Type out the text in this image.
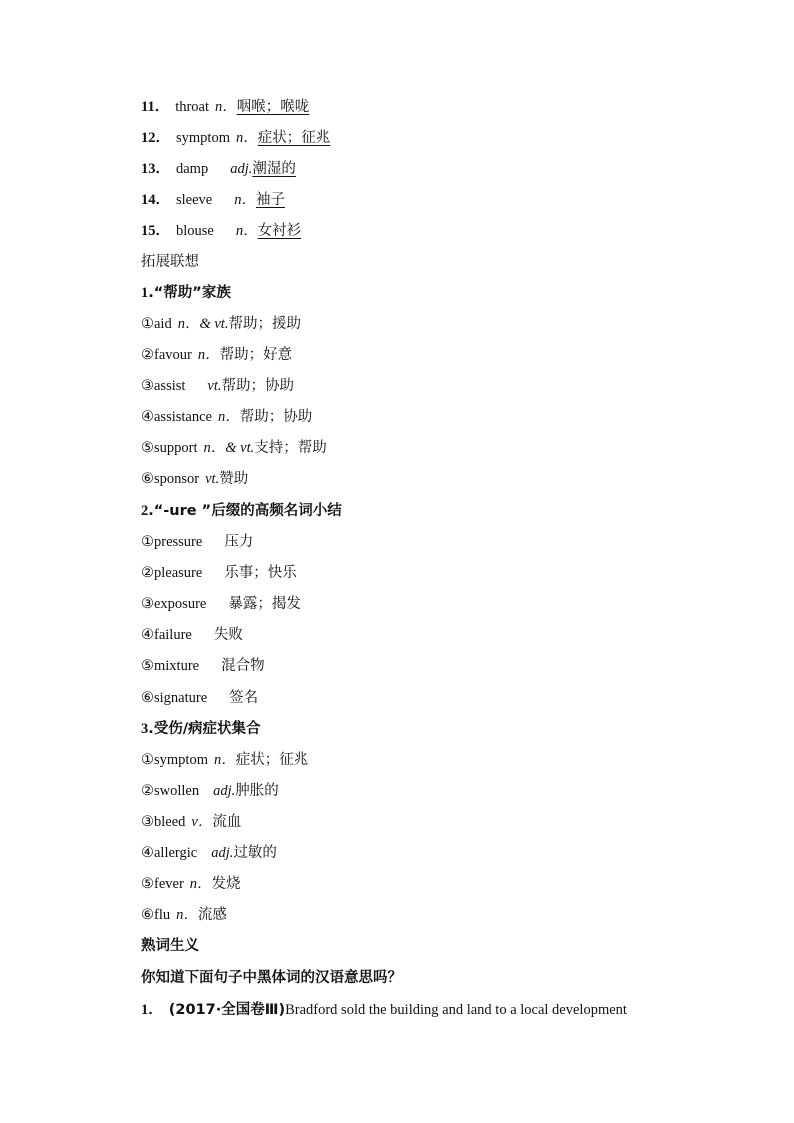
11． throat n．咽喉；喉咙
12． symptom n．症状；征兆
13． damp adj.潮湿的
14． sleeve n．袖子
15． blouse n．女衬衫
拓展联想
1.“帮助”家族
①aid n．& vt.帮助；援助
②favour n．帮助；好意
③assist vt.帮助；协助
④assistance n．帮助；协助
⑤support n．& vt.支持；帮助
⑥sponsor vt.赞助
2.“-ure ”后缀的高频名词小结
①pressure 压力
②pleasure 乐事；快乐
③exposure 暴露；揭发
④failure 失败
⑤mixture 混合物
⑥signature 签名
3.受伤/病症状集合
①symptom n．症状；征兆
②swollen adj.肿胀的
③bleed v．流血
④allergic adj.过敏的
⑤fever n．发烧
⑥flu n．流感
熟词生义
你知道下面句子中黑体词的汉语意思吗？
1． (2017·全国卷Ⅲ)Bradford sold the building and land to a local development
